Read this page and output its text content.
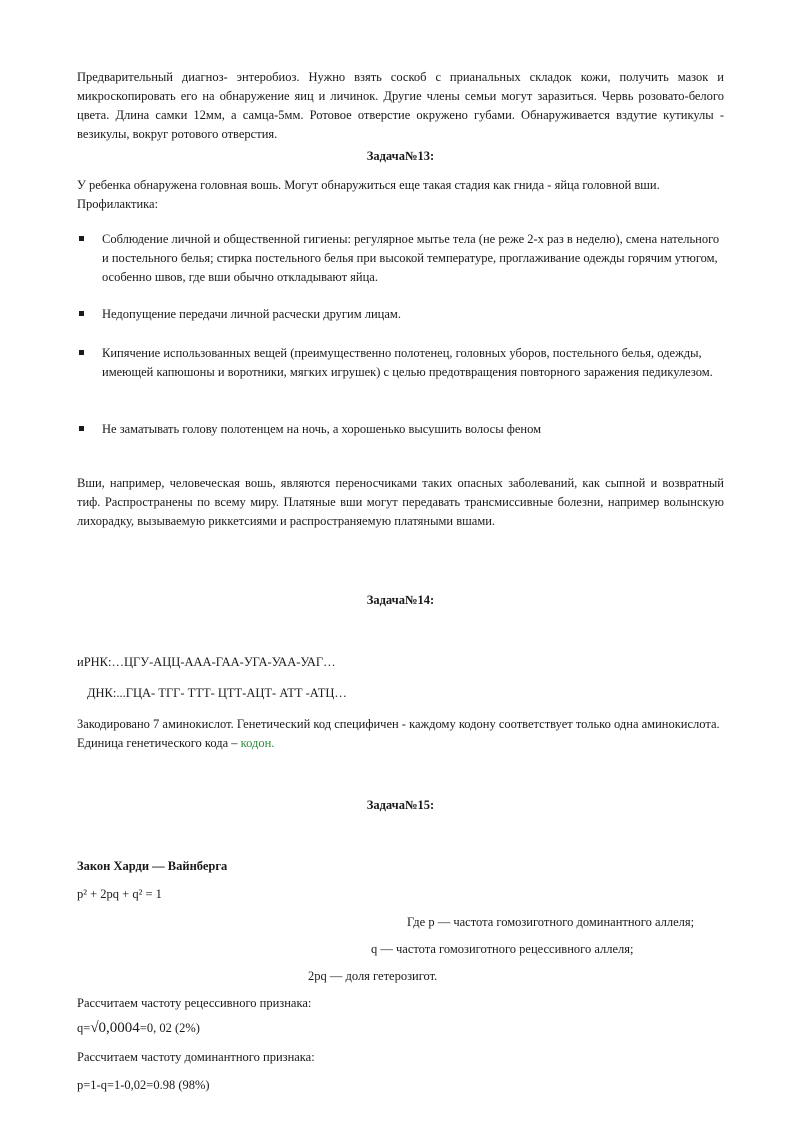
Предварительный диагноз- энтеробиоз. Нужно взять соскоб с прианальных складок кожи, получить мазок и микроскопировать его на обнаружение яиц и личинок. Другие члены семьи могут заразиться. Червь розовато-белого цвета. Длина самки 12мм, а самца-5мм. Ротовое отверстие окружено губами. Обнаруживается вздутие кутикулы - везикулы, вокруг ротового отверстия.

Задача№13:

У ребенка обнаружена головная вошь. Могут обнаружиться еще такая стадия как гнида - яйца головной вши. Профилактика:

Соблюдение личной и общественной гигиены: регулярное мытье тела (не реже 2-х раз в неделю), смена нательного и постельного белья; стирка постельного белья при высокой температуре, проглаживание одежды горячим утюгом, особенно швов, где вши обычно откладывают яйца.
Недопущение передачи личной расчески другим лицам.
Кипячение использованных вещей (преимущественно полотенец, головных уборов, постельного белья, одежды, имеющей капюшоны и воротники, мягких игрушек) с целью предотвращения повторного заражения педикулезом.
Не заматывать голову полотенцем на ночь, а хорошенько высушить волосы феном

Вши, например, человеческая вошь, являются переносчиками таких опасных заболеваний, как сыпной и возвратный тиф. Распространены по всему миру. Платяные вши могут передавать трансмиссивные болезни, например волынскую лихорадку, вызываемую риккетсиями и распространяемую платяными вшами.

Задача№14:

иРНК:…ЦГУ-АЦЦ-ААА-ГАА-УГА-УАА-УАГ…

ДНК:...ГЦА- ТГГ- ТТТ- ЦТТ-АЦТ- АТТ -АТЦ…

Закодировано 7 аминокислот. Генетический код специфичен - каждому кодону соответствует только одна аминокислота. Единица генетического кода – кодон.

Задача№15:

Закон Харди — Вайнберга

p² + 2pq + q² = 1

Где p — частота гомозиготного доминантного аллеля;
q — частота гомозиготного рецессивного аллеля;
2pq — доля гетерозигот.

Рассчитаем частоту рецессивного признака:

q=√0,0004=0, 02 (2%)

Рассчитаем частоту доминантного признака:

p=1-q=1-0,02=0.98 (98%)
